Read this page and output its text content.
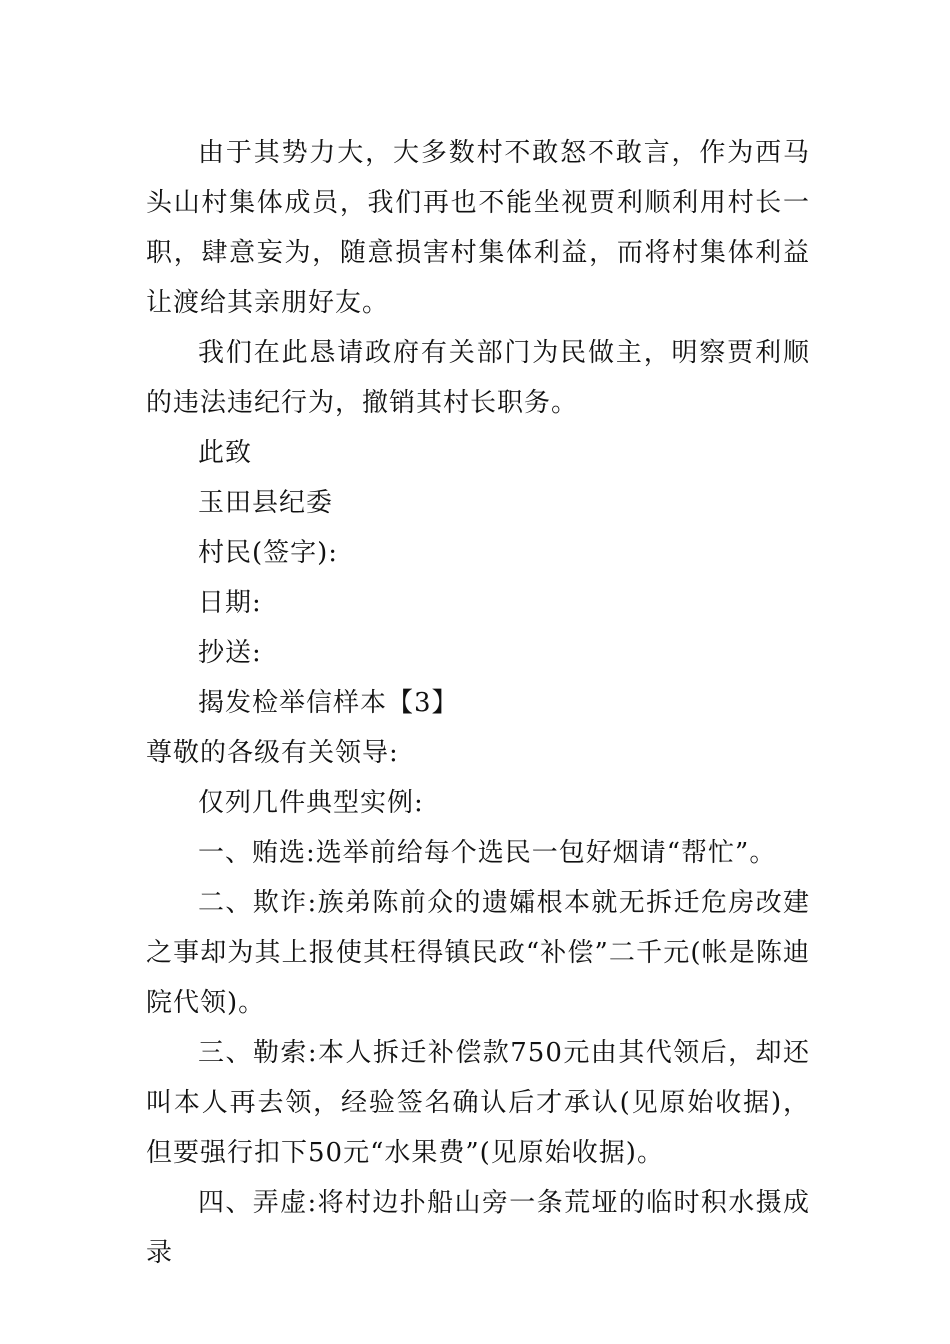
由于其势力大，大多数村不敢怒不敢言，作为西马头山村集体成员，我们再也不能坐视贾利顺利用村长一职，肆意妄为，随意损害村集体利益，而将村集体利益让渡给其亲朋好友。

我们在此恳请政府有关部门为民做主，明察贾利顺的违法违纪行为，撤销其村长职务。

此致

玉田县纪委

村民(签字):

日期:

抄送:

揭发检举信样本【3】

尊敬的各级有关领导:

仅列几件典型实例:

一、贿选:选举前给每个选民一包好烟请“帮忙”。

二、欺诈:族弟陈前众的遗孀根本就无拆迁危房改建之事却为其上报使其枉得镇民政“补偿”二千元(帐是陈迪院代领)。

三、勒索:本人拆迁补偿款750元由其代领后，却还叫本人再去领，经验签名确认后才承认(见原始收据)，但要强行扣下50元“水果费”(见原始收据)。

四、弄虚:将村边扑船山旁一条荒垭的临时积水摄成录
